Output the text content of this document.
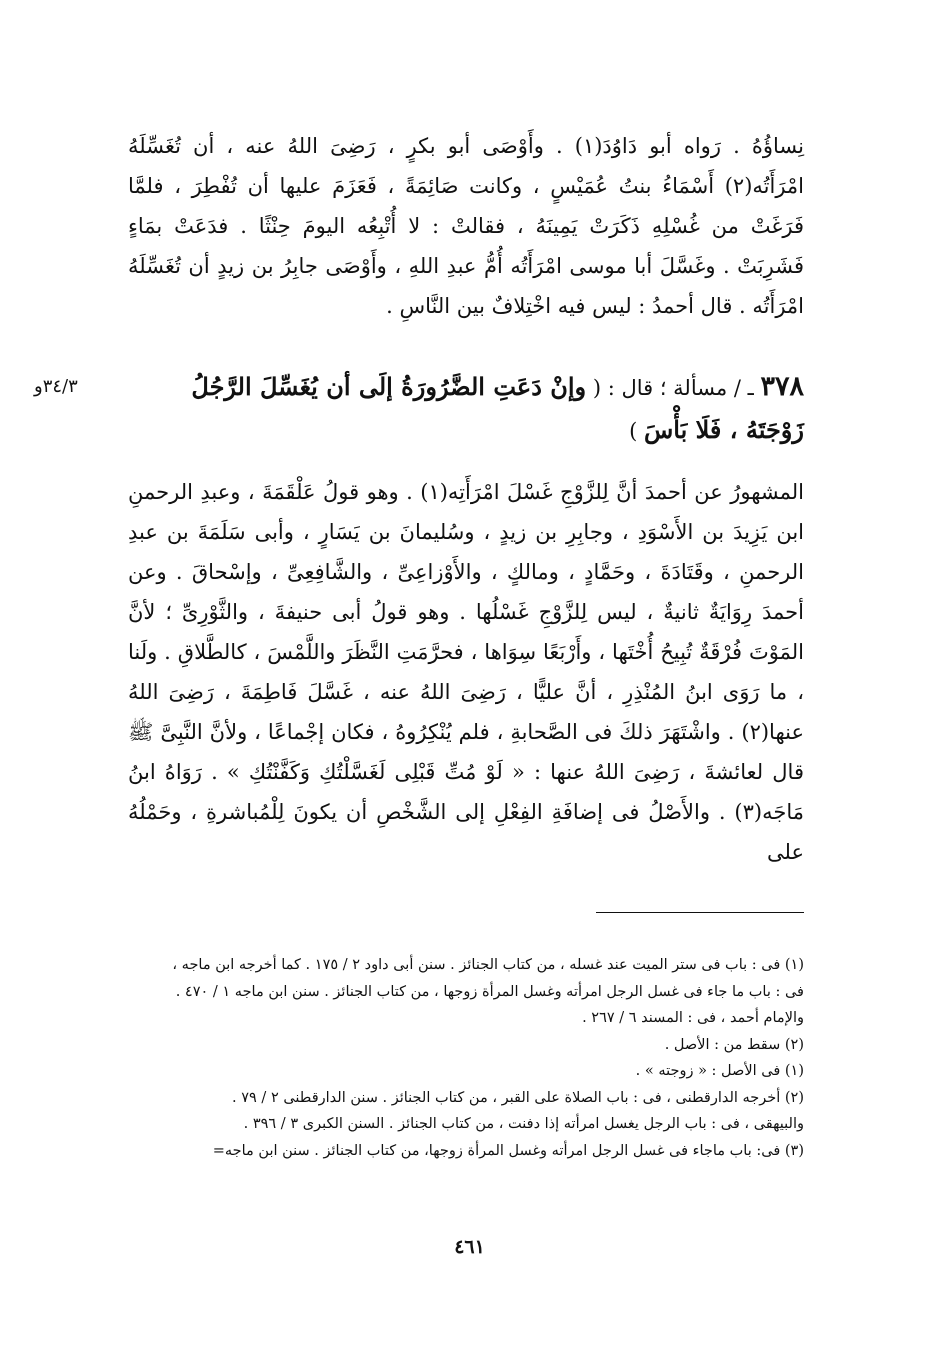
نِساؤُهُ . رَواه أبو دَاوُدَ(١) . وأَوْصَى أبو بكرٍ ، رَضِىَ اللهُ عنه ، أن تُغَسِّلَهُ امْرَأَتُه(٢) أَسْمَاءُ بنتُ عُمَيْسٍ ، وكانت صَائِمَةً ، فَعَزَمَ عليها أن تُفْطِرَ ، فلمَّا فَرَغَتْ من غُسْلِهِ ذَكَرَتْ يَمِينَهُ ، فقالتْ : لا أُتْبِعُه اليومَ حِنْثًا . فدَعَتْ بمَاءٍ فَشَرِبَتْ . وغَسَّلَ أبا موسى امْرَأَتُه أُمُّ عبدِ اللهِ ، وأَوْصَى جابِرُ بن زيدٍ أن تُغَسِّلَهُ امْرَأَتُه . قال أحمدُ : ليس فيه اخْتِلافٌ بين النَّاسِ .

٣٤/٣و	٣٧٨ ـ / مسألة ؛ قال : ( وإنْ دَعَتِ الضَّرُورَةُ إلَى أن يُغَسِّلَ الرَّجُلُ زَوْجَتَهُ ، فَلَا بَأْسَ )

المشهورُ عن أحمدَ أنَّ لِلزَّوْجِ غَسْلَ امْرَأَتِه(١) . وهو قولُ عَلْقَمَةَ ، وعبدِ الرحمنِ ابن يَزِيدَ بن الأَسْوَدِ ، وجابِرِ بن زيدٍ ، وسُليمانَ بن يَسَارٍ ، وأبى سَلَمَةَ بن عبدِ الرحمنِ ، وقَتَادَةَ ، وحَمَّادٍ ، ومالكٍ ، والأَوْزاعِىِّ ، والشَّافِعِىِّ ، وإسْحاقَ . وعن أحمدَ رِوَايَةٌ ثانيةٌ ، ليس لِلزَّوْجِ غَسْلُها . وهو قولُ أبى حنيفةَ ، والثَّوْرِىِّ ؛ لأنَّ المَوْتَ فُرْقَةٌ تُبِيحُ أُخْتَها ، وأَرْبَعًا سِوَاها ، فحرَّمَتِ النَّظَرَ واللَّمْسَ ، كالطَّلاقِ . ولَنا ، ما رَوَى ابنُ المُنْذِرِ ، أنَّ عليًّا ، رَضِىَ اللهُ عنه ، غَسَّلَ فَاطِمَةَ ، رَضِىَ اللهُ عنها(٢) . واشْتَهَرَ ذلكَ فى الصَّحابةِ ، فلم يُنْكِرُوهُ ، فكان إجْماعًا ، ولأنَّ النَّبِىَّ ﷺ قال لعائشةَ ، رَضِىَ اللهُ عنها : « لَوْ مُتِّ قَبْلِى لَغَسَّلْتُكِ وَكَفَّنْتُكِ » . رَوَاهُ ابنُ مَاجَه(٣) . والأَصْلُ فى إضافَةِ الفِعْلِ إلى الشَّخْصِ أن يكونَ لِلْمُباشرةِ ، وحَمْلُهُ على

(١) فى : باب فى ستر الميت عند غسله ، من كتاب الجنائز . سنن أبى داود ٢ / ١٧٥ . كما أخرجه ابن ماجه ،
فى : باب ما جاء فى غسل الرجل امرأته وغسل المرأة زوجها ، من كتاب الجنائز . سنن ابن ماجه ١ / ٤٧٠ .
والإمام أحمد ، فى : المسند ٦ / ٢٦٧ .
(٢) سقط من : الأصل .
(١) فى الأصل : « زوجته » .
(٢) أخرجه الدارقطنى ، فى : باب الصلاة على القبر ، من كتاب الجنائز . سنن الدارقطنى ٢ / ٧٩ .
والبيهقى ، فى : باب الرجل يغسل امرأته إذا دفنت ، من كتاب الجنائز . السنن الكبرى ٣ / ٣٩٦ .
(٣) فى: باب ماجاء فى غسل الرجل امرأته وغسل المرأة زوجها، من كتاب الجنائز . سنن ابن ماجه=
٤٦١
